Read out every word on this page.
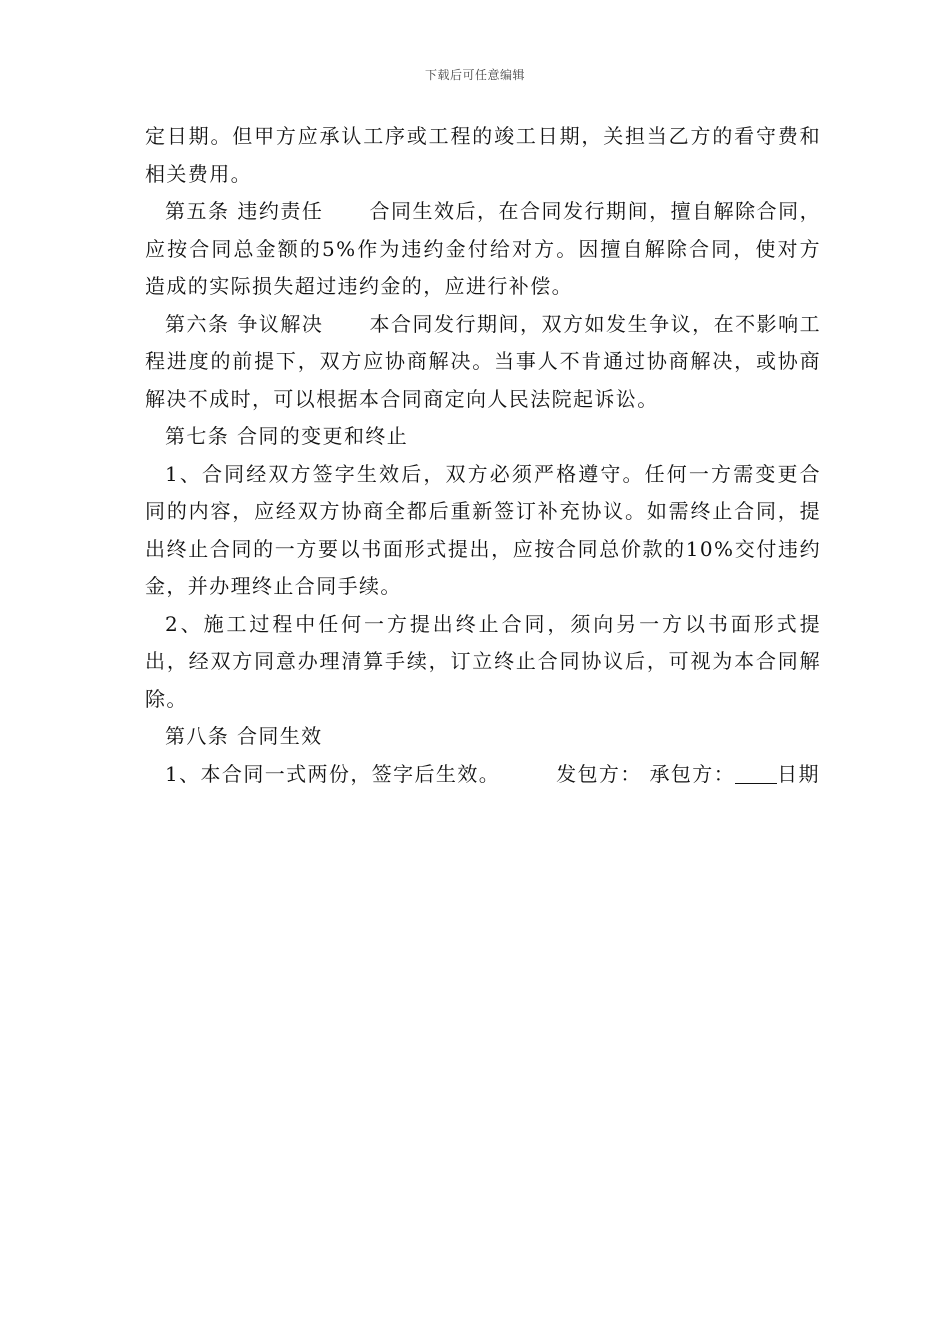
下载后可任意编辑

定日期。但甲方应承认工序或工程的竣工日期，关担当乙方的看守费和相关费用。

第五条 违约责任 合同生效后，在合同发行期间，擅自解除合同，应按合同总金额的5%作为违约金付给对方。因擅自解除合同，使对方造成的实际损失超过违约金的，应进行补偿。

第六条 争议解决 本合同发行期间，双方如发生争议，在不影响工程进度的前提下，双方应协商解决。当事人不肯通过协商解决，或协商解决不成时，可以根据本合同商定向人民法院起诉讼。

第七条 合同的变更和终止

1、合同经双方签字生效后，双方必须严格遵守。任何一方需变更合同的内容，应经双方协商全都后重新签订补充协议。如需终止合同，提出终止合同的一方要以书面形式提出，应按合同总价款的10%交付违约金，并办理终止合同手续。

2、施工过程中任何一方提出终止合同，须向另一方以书面形式提出，经双方同意办理清算手续，订立终止合同协议后，可视为本合同解除。

第八条 合同生效

1、本合同一式两份，签字后生效。	发包方： 承包方： 日期
